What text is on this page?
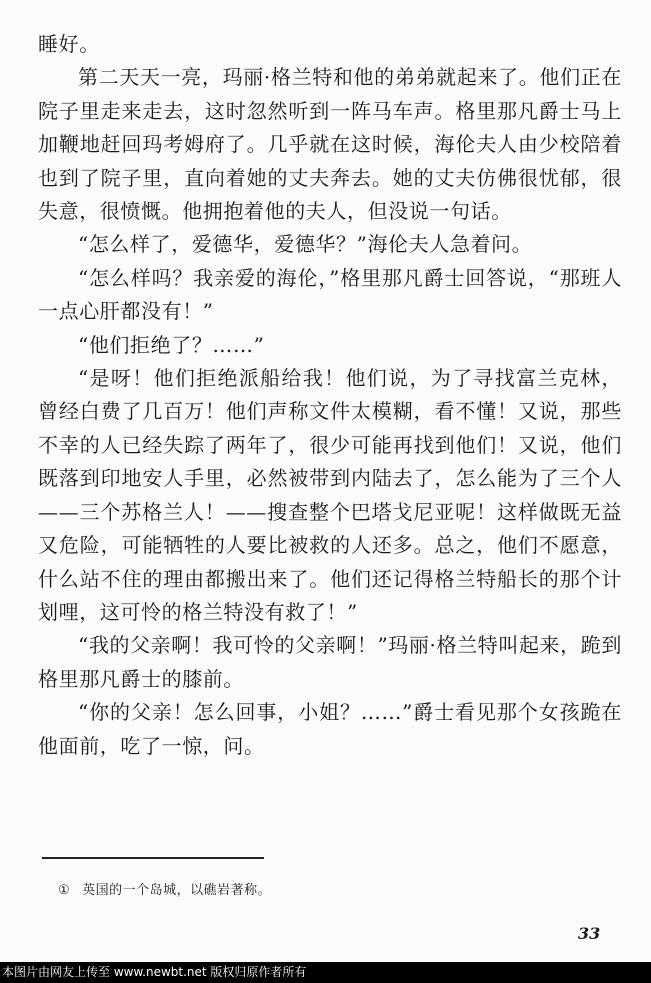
睡好。

第二天天一亮，玛丽·格兰特和他的弟弟就起来了。他们正在院子里走来走去，这时忽然听到一阵马车声。格里那凡爵士马上加鞭地赶回玛考姆府了。几乎就在这时候，海伦夫人由少校陪着也到了院子里，直向着她的丈夫奔去。她的丈夫仿佛很忧郁，很失意，很愤慨。他拥抱着他的夫人，但没说一句话。

“怎么样了，爱德华，爱德华？”海伦夫人急着问。

“怎么样吗？我亲爱的海伦，”格里那凡爵士回答说，“那班人一点心肝都没有！”

“他们拒绝了？……”

“是呀！他们拒绝派船给我！他们说，为了寻找富兰克林，曾经白费了几百万！他们声称文件太模糊，看不懂！又说，那些不幸的人已经失踪了两年了，很少可能再找到他们！又说，他们既落到印地安人手里，必然被带到内陆去了，怎么能为了三个人——三个苏格兰人！——搜查整个巴塔戈尼亚呢！这样做既无益又危险，可能牺牲的人要比被救的人还多。总之，他们不愿意，什么站不住的理由都搬出来了。他们还记得格兰特船长的那个计划哩，这可怜的格兰特没有救了！”

“我的父亲啊！我可怜的父亲啊！”玛丽·格兰特叫起来，跪到格里那凡爵士的膝前。

“你的父亲！怎么回事，小姐？……”爵士看见那个女孩跪在他面前，吃了一惊，问。

① 英国的一个岛城，以礁岩著称。
33
本图片由网友上传至 www.newbt.net 版权归原作者所有
